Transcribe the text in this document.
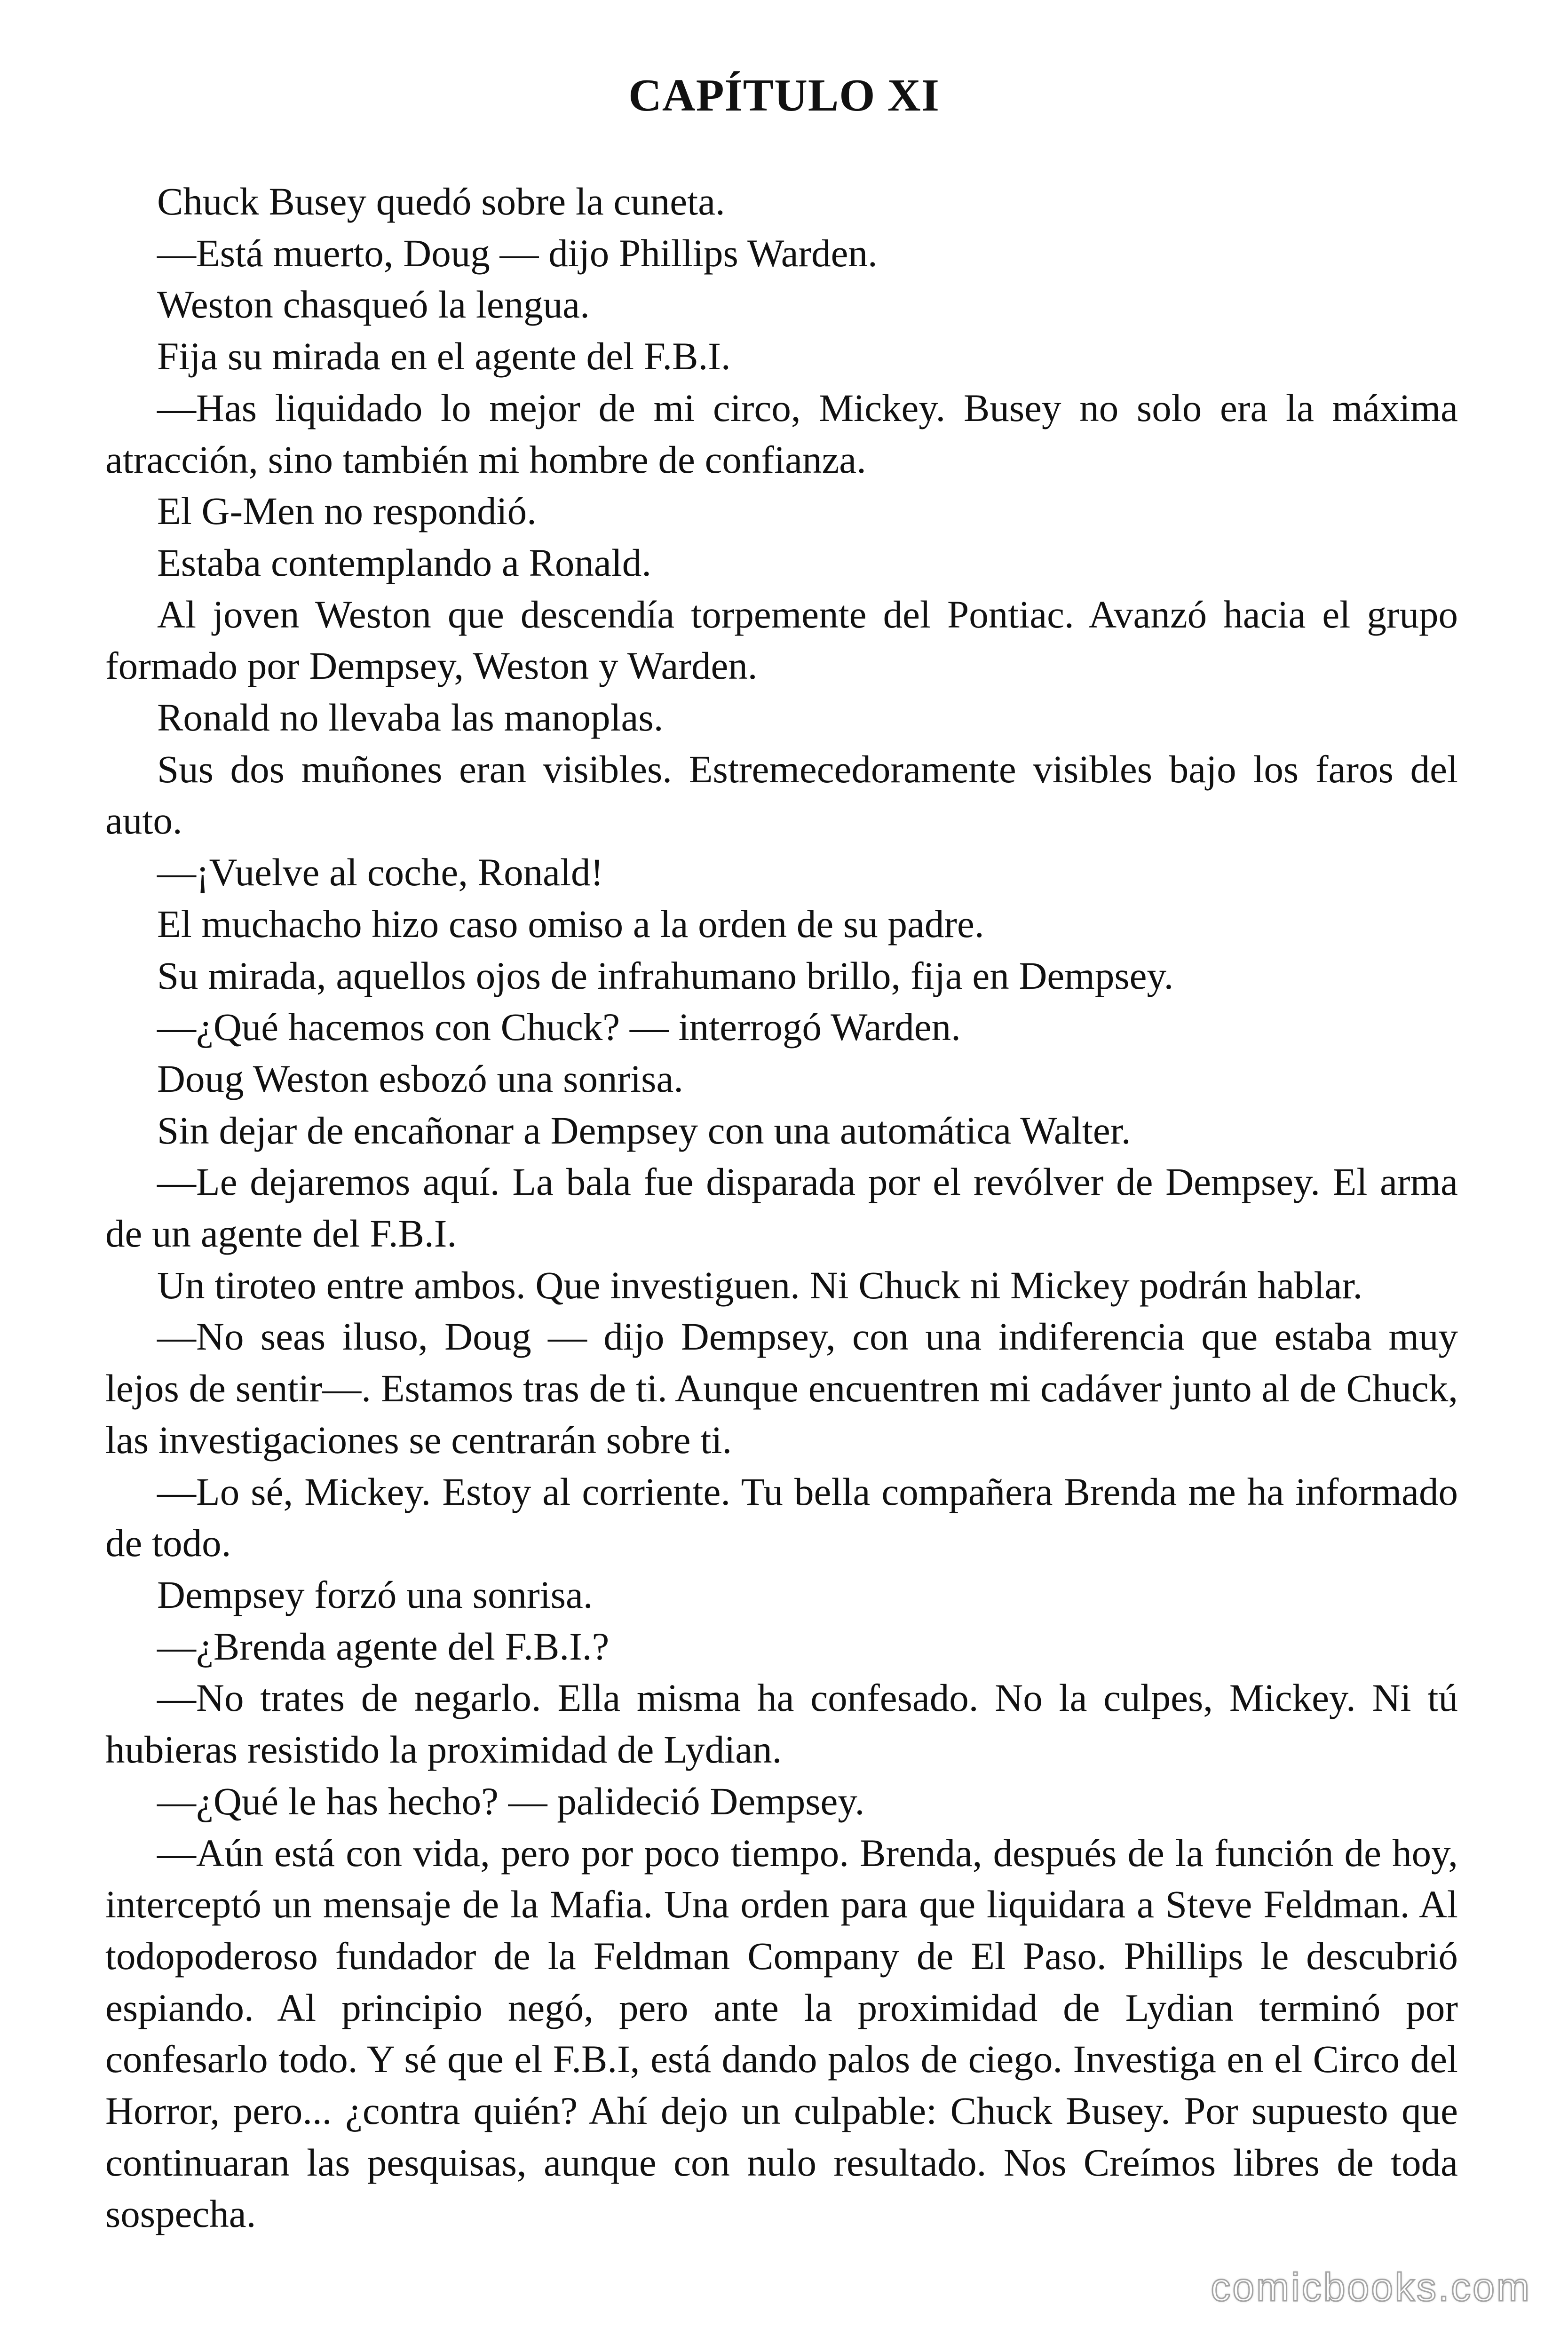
CAPÍTULO XI

Chuck Busey quedó sobre la cuneta.

—Está muerto, Doug — dijo Phillips Warden.

Weston chasqueó la lengua.

Fija su mirada en el agente del F.B.I.

—Has liquidado lo mejor de mi circo, Mickey. Busey no solo era la máxima atracción, sino también mi hombre de confianza.

El G-Men no respondió.

Estaba contemplando a Ronald.

Al joven Weston que descendía torpemente del Pontiac. Avanzó hacia el grupo formado por Dempsey, Weston y Warden.

Ronald no llevaba las manoplas.

Sus dos muñones eran visibles. Estremecedoramente visibles bajo los faros del auto.

—¡Vuelve al coche, Ronald!

El muchacho hizo caso omiso a la orden de su padre.

Su mirada, aquellos ojos de infrahumano brillo, fija en Dempsey.

—¿Qué hacemos con Chuck? — interrogó Warden.

Doug Weston esbozó una sonrisa.

Sin dejar de encañonar a Dempsey con una automática Walter.

—Le dejaremos aquí. La bala fue disparada por el revólver de Dempsey. El arma de un agente del F.B.I.

Un tiroteo entre ambos. Que investiguen. Ni Chuck ni Mickey podrán hablar.

—No seas iluso, Doug — dijo Dempsey, con una indiferencia que estaba muy lejos de sentir—. Estamos tras de ti. Aunque encuentren mi cadáver junto al de Chuck, las investigaciones se centrarán sobre ti.

—Lo sé, Mickey. Estoy al corriente. Tu bella compañera Brenda me ha informado de todo.

Dempsey forzó una sonrisa.

—¿Brenda agente del F.B.I.?

—No trates de negarlo. Ella misma ha confesado. No la culpes, Mickey. Ni tú hubieras resistido la proximidad de Lydian.

—¿Qué le has hecho? — palideció Dempsey.

—Aún está con vida, pero por poco tiempo. Brenda, después de la función de hoy, interceptó un mensaje de la Mafia. Una orden para que liquidara a Steve Feldman. Al todopoderoso fundador de la Feldman Company de El Paso. Phillips le descubrió espiando. Al principio negó, pero ante la proximidad de Lydian terminó por confesarlo todo. Y sé que el F.B.I, está dando palos de ciego. Investiga en el Circo del Horror, pero... ¿contra quién? Ahí dejo un culpable: Chuck Busey. Por supuesto que continuaran las pesquisas, aunque con nulo resultado. Nos Creímos libres de toda sospecha.

comicbooks.com
